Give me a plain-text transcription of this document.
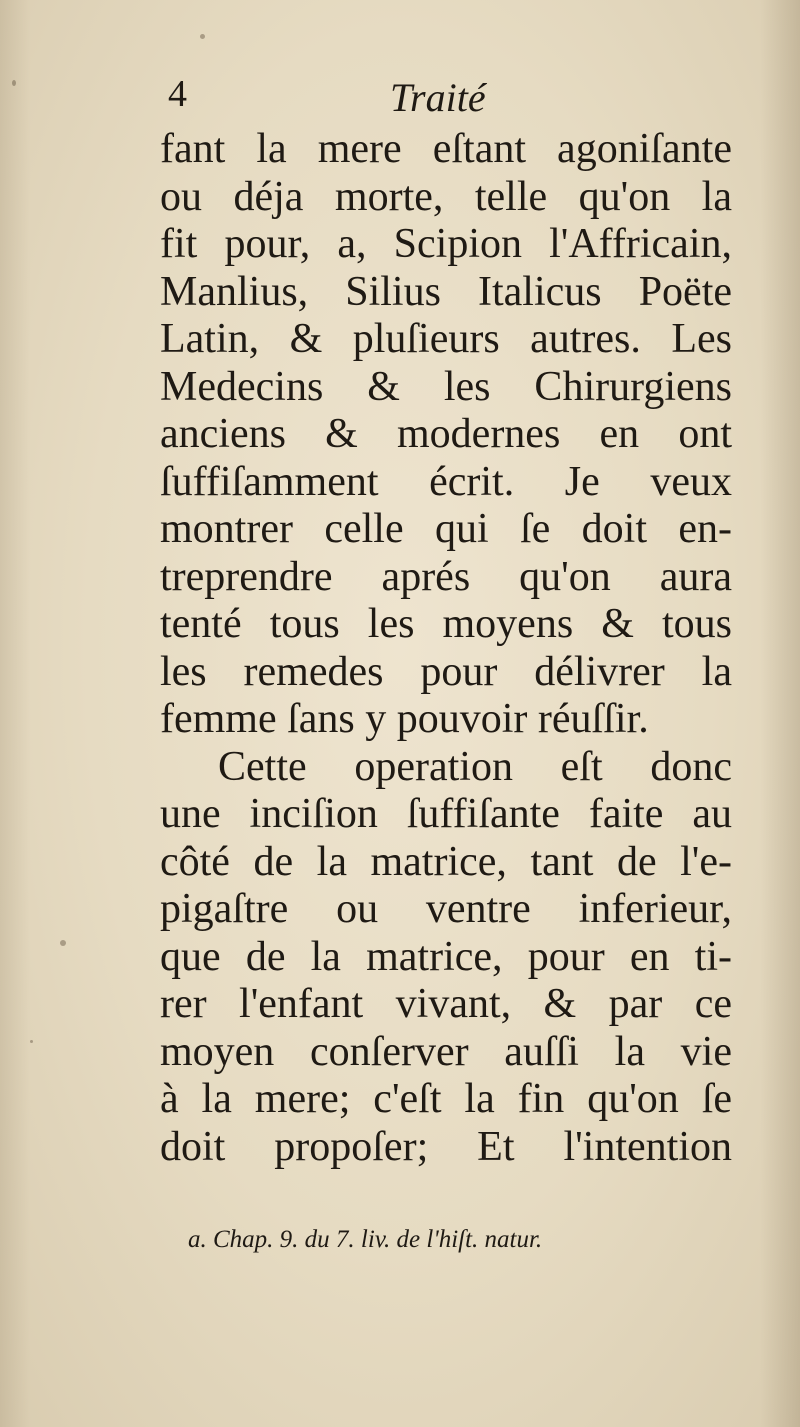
4	Traité
fant la mere eſtant agoniſante
ou déja morte, telle qu'on la
fit pour, a, Scipion l'Affricain,
Manlius, Silius Italicus Poëte
Latin, & pluſieurs autres. Les
Medecins & les Chirurgiens
anciens & modernes en ont
ſuffiſamment écrit. Je veux
montrer celle qui ſe doit en-
treprendre aprés qu'on aura
tenté tous les moyens & tous
les remedes pour délivrer la
femme ſans y pouvoir réuſſir.
Cette operation eſt donc
une inciſion ſuffiſante faite au
côté de la matrice, tant de l'e-
pigaſtre ou ventre inferieur,
que de la matrice, pour en ti-
rer l'enfant vivant, & par ce
moyen conſerver auſſi la vie
à la mere; c'eſt la fin qu'on ſe
doit propoſer; Et l'intention
a. Chap. 9. du 7. liv. de l'hiſt. natur.
